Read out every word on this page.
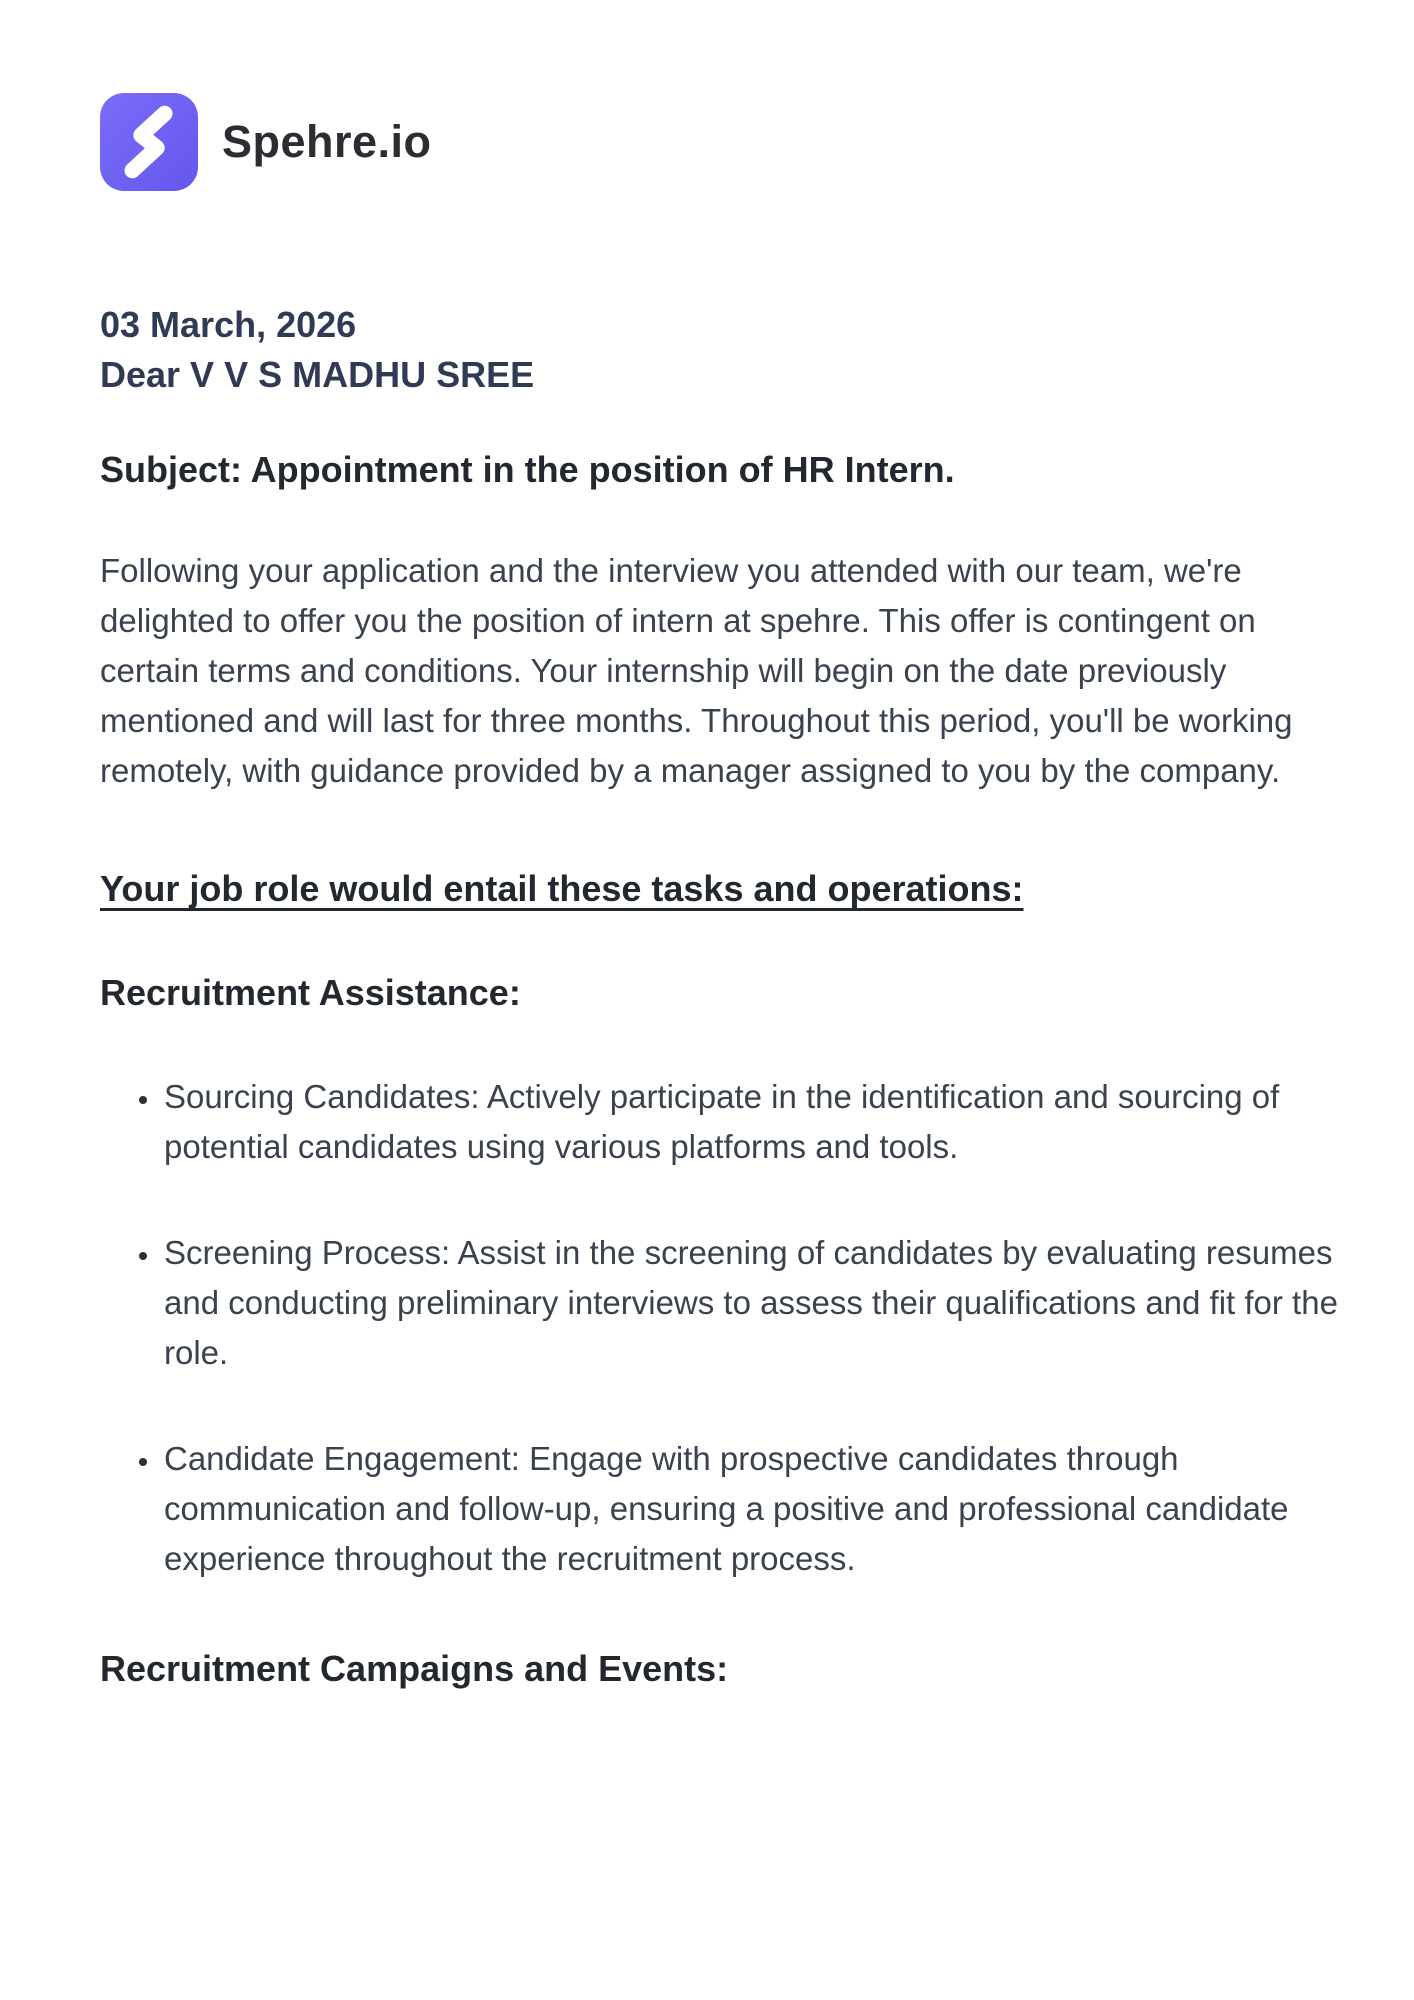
Spehre.io
03 March, 2026
Dear V V S MADHU SREE
Subject: Appointment in the position of HR Intern.

Following your application and the interview you attended with our team, we're delighted to offer you the position of intern at spehre. This offer is contingent on certain terms and conditions. Your internship will begin on the date previously mentioned and will last for three months. Throughout this period, you'll be working remotely, with guidance provided by a manager assigned to you by the company.

Your job role would entail these tasks and operations:
Recruitment Assistance:
• Sourcing Candidates: Actively participate in the identification and sourcing of potential candidates using various platforms and tools.
• Screening Process: Assist in the screening of candidates by evaluating resumes and conducting preliminary interviews to assess their qualifications and fit for the role.
• Candidate Engagement: Engage with prospective candidates through communication and follow-up, ensuring a positive and professional candidate experience throughout the recruitment process.
Recruitment Campaigns and Events:
